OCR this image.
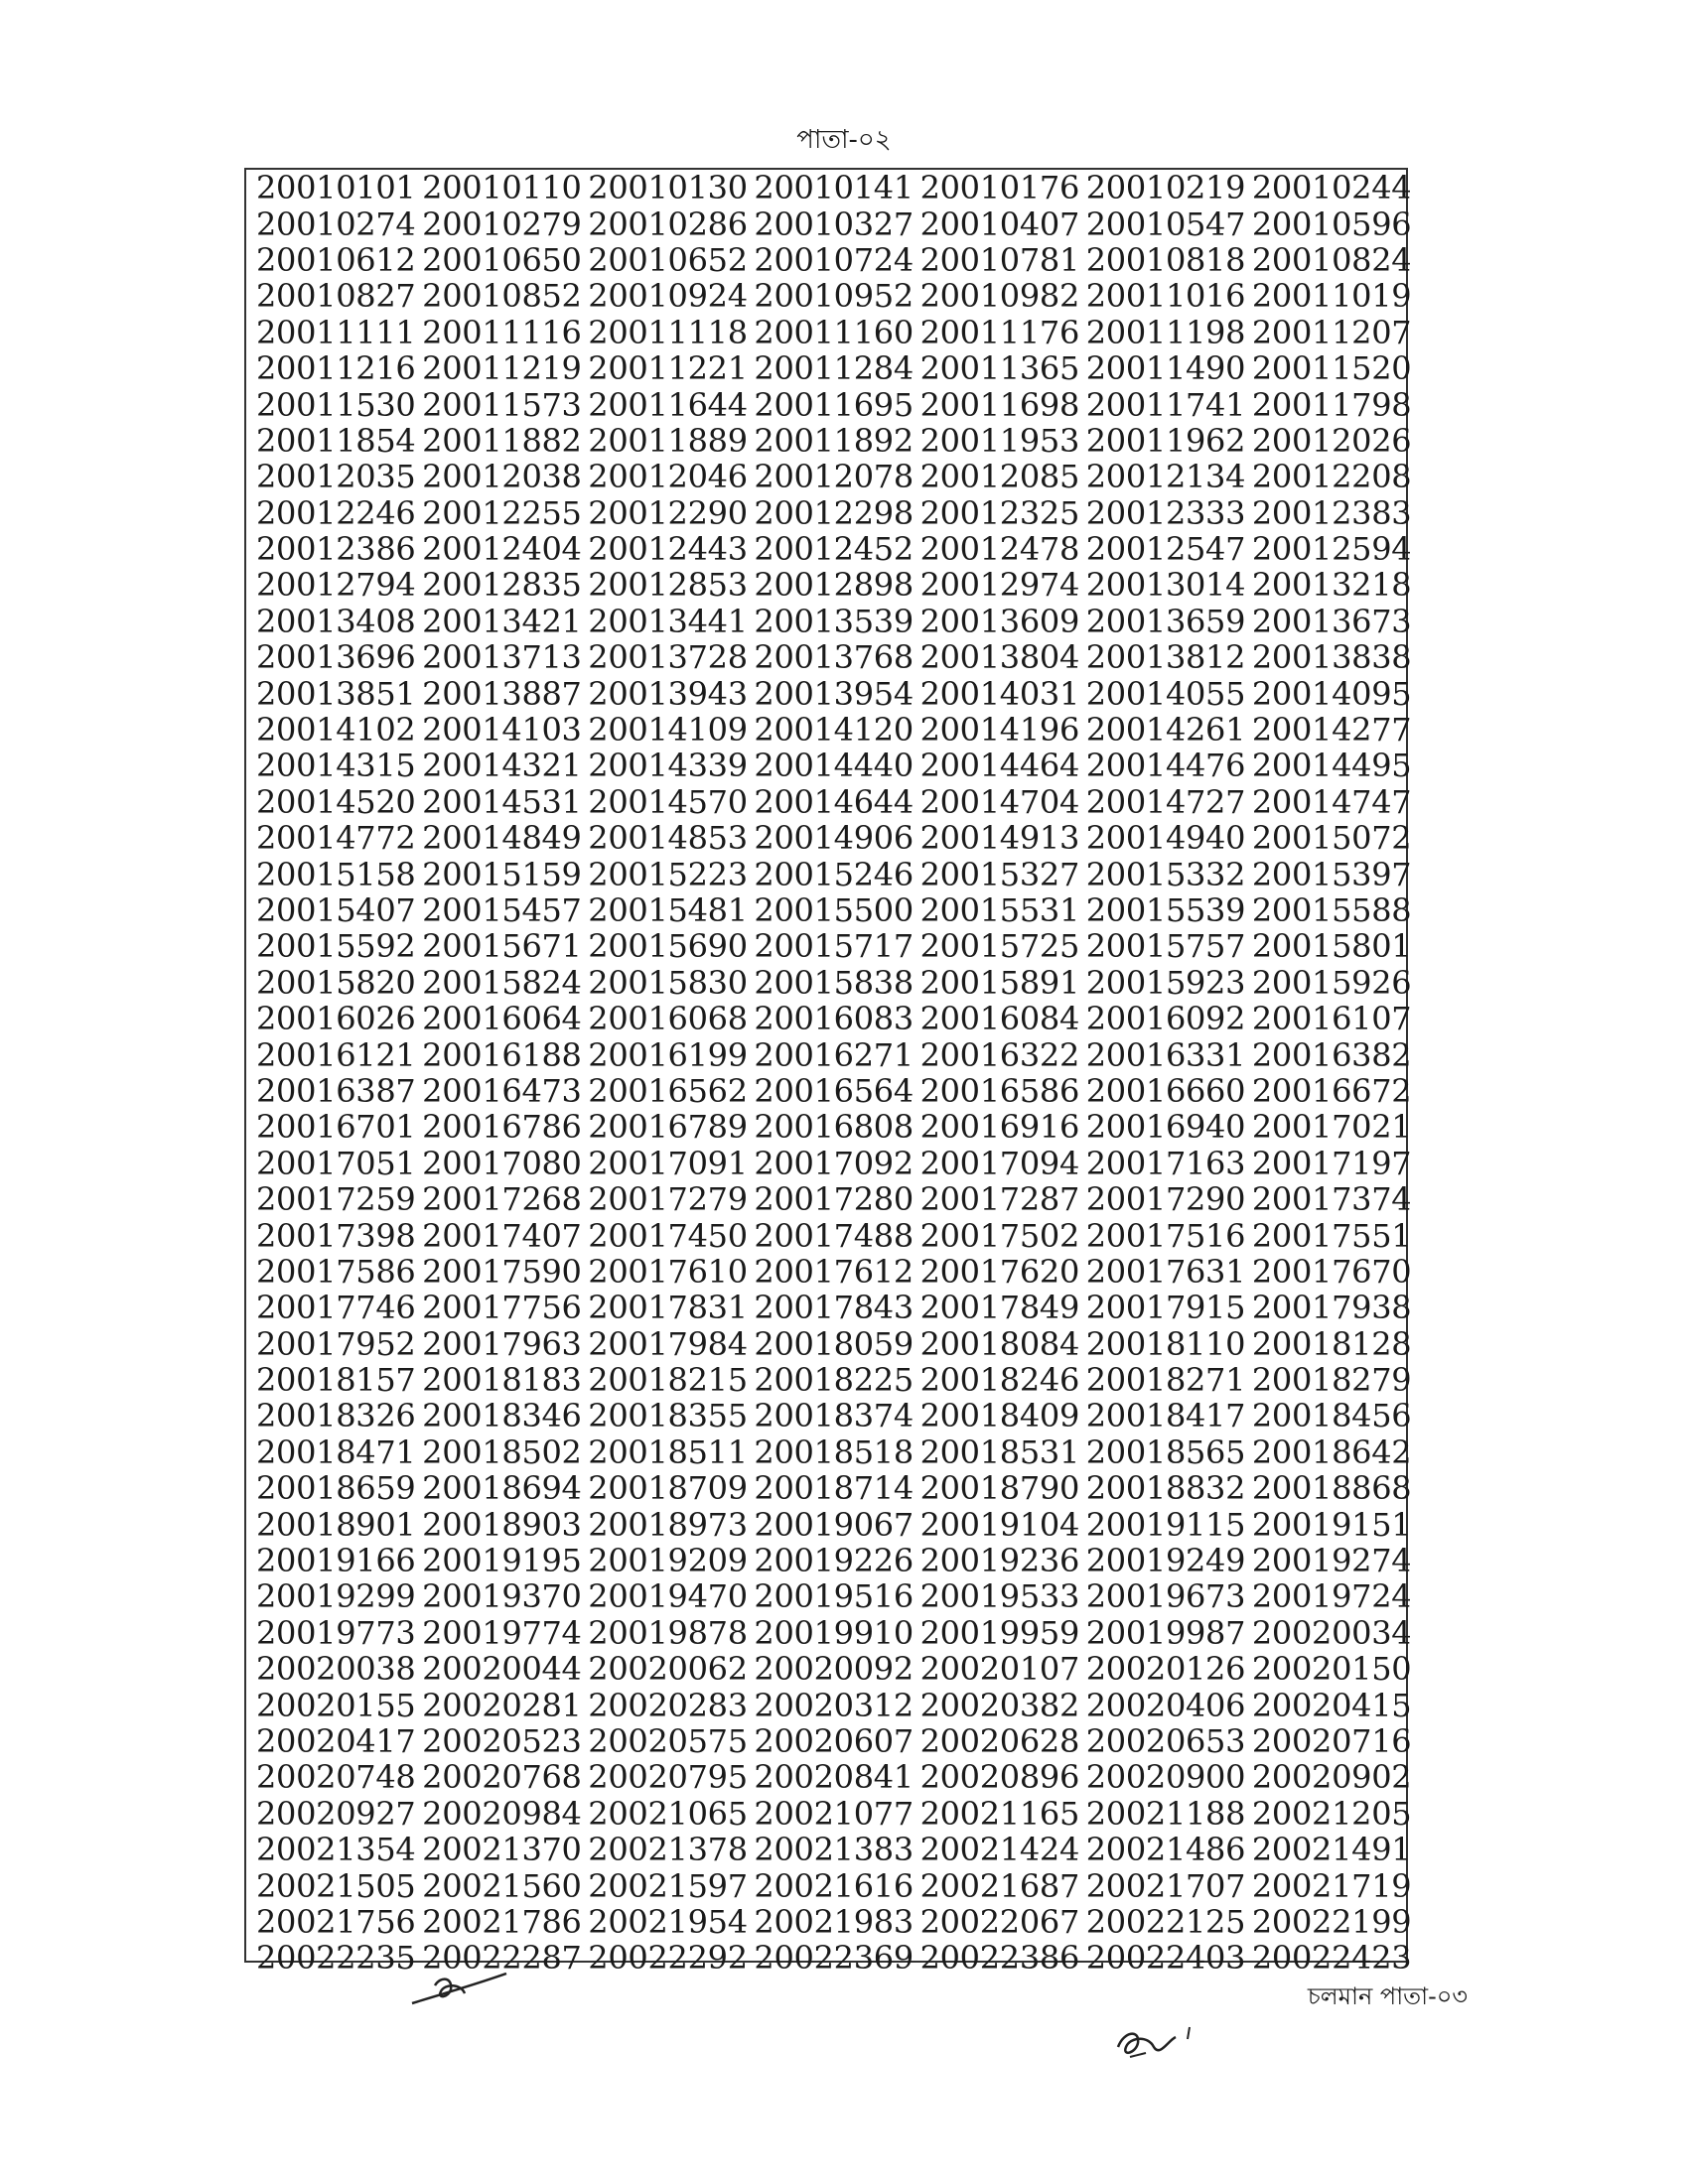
পাতা-০২
20010101 20010110 20010130 20010141 20010176 20010219 20010244
20010274 20010279 20010286 20010327 20010407 20010547 20010596
20010612 20010650 20010652 20010724 20010781 20010818 20010824
20010827 20010852 20010924 20010952 20010982 20011016 20011019
20011111 20011116 20011118 20011160 20011176 20011198 20011207
20011216 20011219 20011221 20011284 20011365 20011490 20011520
20011530 20011573 20011644 20011695 20011698 20011741 20011798
20011854 20011882 20011889 20011892 20011953 20011962 20012026
20012035 20012038 20012046 20012078 20012085 20012134 20012208
20012246 20012255 20012290 20012298 20012325 20012333 20012383
20012386 20012404 20012443 20012452 20012478 20012547 20012594
20012794 20012835 20012853 20012898 20012974 20013014 20013218
20013408 20013421 20013441 20013539 20013609 20013659 20013673
20013696 20013713 20013728 20013768 20013804 20013812 20013838
20013851 20013887 20013943 20013954 20014031 20014055 20014095
20014102 20014103 20014109 20014120 20014196 20014261 20014277
20014315 20014321 20014339 20014440 20014464 20014476 20014495
20014520 20014531 20014570 20014644 20014704 20014727 20014747
20014772 20014849 20014853 20014906 20014913 20014940 20015072
20015158 20015159 20015223 20015246 20015327 20015332 20015397
20015407 20015457 20015481 20015500 20015531 20015539 20015588
20015592 20015671 20015690 20015717 20015725 20015757 20015801
20015820 20015824 20015830 20015838 20015891 20015923 20015926
20016026 20016064 20016068 20016083 20016084 20016092 20016107
20016121 20016188 20016199 20016271 20016322 20016331 20016382
20016387 20016473 20016562 20016564 20016586 20016660 20016672
20016701 20016786 20016789 20016808 20016916 20016940 20017021
20017051 20017080 20017091 20017092 20017094 20017163 20017197
20017259 20017268 20017279 20017280 20017287 20017290 20017374
20017398 20017407 20017450 20017488 20017502 20017516 20017551
20017586 20017590 20017610 20017612 20017620 20017631 20017670
20017746 20017756 20017831 20017843 20017849 20017915 20017938
20017952 20017963 20017984 20018059 20018084 20018110 20018128
20018157 20018183 20018215 20018225 20018246 20018271 20018279
20018326 20018346 20018355 20018374 20018409 20018417 20018456
20018471 20018502 20018511 20018518 20018531 20018565 20018642
20018659 20018694 20018709 20018714 20018790 20018832 20018868
20018901 20018903 20018973 20019067 20019104 20019115 20019151
20019166 20019195 20019209 20019226 20019236 20019249 20019274
20019299 20019370 20019470 20019516 20019533 20019673 20019724
20019773 20019774 20019878 20019910 20019959 20019987 20020034
20020038 20020044 20020062 20020092 20020107 20020126 20020150
20020155 20020281 20020283 20020312 20020382 20020406 20020415
20020417 20020523 20020575 20020607 20020628 20020653 20020716
20020748 20020768 20020795 20020841 20020896 20020900 20020902
20020927 20020984 20021065 20021077 20021165 20021188 20021205
20021354 20021370 20021378 20021383 20021424 20021486 20021491
20021505 20021560 20021597 20021616 20021687 20021707 20021719
20021756 20021786 20021954 20021983 20022067 20022125 20022199
20022235 20022287 20022292 20022369 20022386 20022403 20022423
চলমান পাতা-০৩
